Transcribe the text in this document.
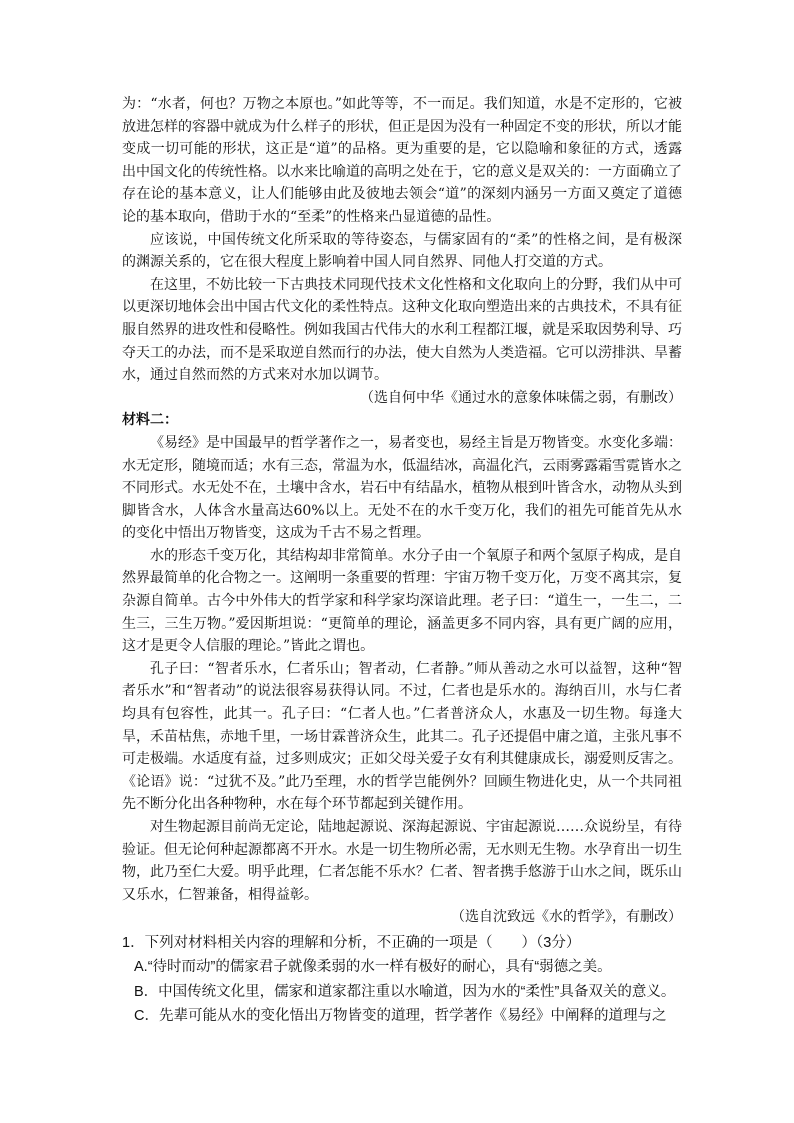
为：“水者，何也？万物之本原也。”如此等等，不一而足。我们知道，水是不定形的，它被放进怎样的容器中就成为什么样子的形状，但正是因为没有一种固定不变的形状，所以才能变成一切可能的形状，这正是“道”的品格。更为重要的是，它以隐喻和象征的方式，透露出中国文化的传统性格。以水来比喻道的高明之处在于，它的意义是双关的：一方面确立了存在论的基本意义，让人们能够由此及彼地去领会“道”的深刻内涵另一方面又奠定了道德论的基本取向，借助于水的“至柔”的性格来凸显道德的品性。

应该说，中国传统文化所采取的等待姿态，与儒家固有的“柔”的性格之间，是有极深的渊源关系的，它在很大程度上影响着中国人同自然界、同他人打交道的方式。

在这里，不妨比较一下古典技术同现代技术文化性格和文化取向上的分野，我们从中可以更深切地体会出中国古代文化的柔性特点。这种文化取向塑造出来的古典技术，不具有征服自然界的进攻性和侵略性。例如我国古代伟大的水利工程都江堰，就是采取因势利导、巧夺天工的办法，而不是采取逆自然而行的办法，使大自然为人类造福。它可以涝排洪、旱蓄水，通过自然而然的方式来对水加以调节。

（选自何中华《通过水的意象体味儒之弱，有删改）

材料二：

《易经》是中国最早的哲学著作之一，易者变也，易经主旨是万物皆变。水变化多端：水无定形，随境而适；水有三态，常温为水，低温结冰，高温化汽，云雨雾露霜雪霓皆水之不同形式。水无处不在，土壤中含水，岩石中有结晶水，植物从根到叶皆含水，动物从头到脚皆含水，人体含水量高达60%以上。无处不在的水千变万化，我们的祖先可能首先从水的变化中悟出万物皆变，这成为千古不易之哲理。

水的形态千变万化，其结构却非常简单。水分子由一个氧原子和两个氢原子构成，是自然界最简单的化合物之一。这阐明一条重要的哲理：宇宙万物千变万化，万变不离其宗，复杂源自简单。古今中外伟大的哲学家和科学家均深谙此理。老子曰：“道生一，一生二，二生三，三生万物。”爱因斯坦说：“更简单的理论，涵盖更多不同内容，具有更广阔的应用，这才是更令人信服的理论。”皆此之谓也。

孔子曰：“智者乐水，仁者乐山；智者动，仁者静。”师从善动之水可以益智，这种“智者乐水”和“智者动”的说法很容易获得认同。不过，仁者也是乐水的。海纳百川，水与仁者均具有包容性，此其一。孔子曰：“仁者人也。”仁者普济众人，水惠及一切生物。每逢大旱，禾苗枯焦，赤地千里，一场甘霖普济众生，此其二。孔子还提倡中庸之道，主张凡事不可走极端。水适度有益，过多则成灾；正如父母关爱子女有利其健康成长，溺爱则反害之。《论语》说：“过犹不及。”此乃至理，水的哲学岂能例外？回顾生物进化史，从一个共同祖先不断分化出各种物种，水在每个环节都起到关键作用。

对生物起源目前尚无定论，陆地起源说、深海起源说、宇宙起源说……众说纷呈，有待验证。但无论何种起源都离不开水。水是一切生物所必需，无水则无生物。水孕育出一切生物，此乃至仁大爱。明乎此理，仁者怎能不乐水？仁者、智者携手悠游于山水之间，既乐山又乐水，仁智兼备，相得益彰。

（选自沈致远《水的哲学》，有删改）

1．下列对材料相关内容的理解和分析，不正确的一项是（　　）（3分）

A.“待时而动”的儒家君子就像柔弱的水一样有极好的耐心，具有“弱德之美。

B．中国传统文化里，儒家和道家都注重以水喻道，因为水的“柔性”具备双关的意义。

C．先辈可能从水的变化悟出万物皆变的道理，哲学著作《易经》中阐释的道理与之
